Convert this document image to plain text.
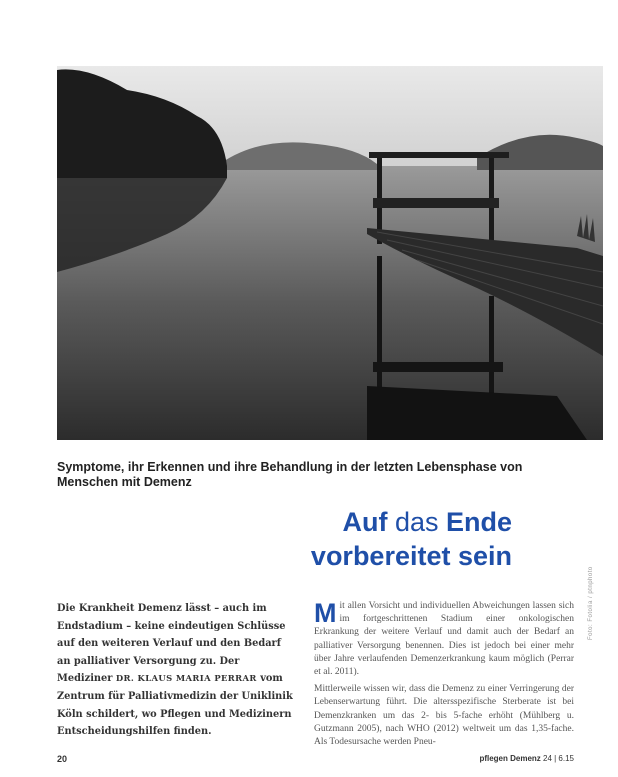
Symptome, ihr Erkennen und ihre Behandlung in der letzten Lebensphase von Menschen mit Demenz
Auf das Ende
vorbereitet sein
Die Krankheit Demenz lässt – auch im Endstadium – keine eindeutigen Schlüsse auf den weiteren Verlauf und den Bedarf an palliativer Versorgung zu. Der Mediziner DR. KLAUS MARIA PERRAR vom Zentrum für Palliativmedizin der Uniklinik Köln schildert, wo Pflegen und Medizinern Entscheidungshilfen finden.

Mit allen Vorsicht und individuellen Abweichungen lassen sich im fortgeschrittenen Stadium einer onkologischen Erkrankung der weitere Verlauf und damit auch der Bedarf an palliativer Versorgung benennen. Dies ist jedoch bei einer mehr über Jahre verlaufenden Demenzerkrankung kaum möglich (Perrar et al. 2011).

Mittlerweile wissen wir, dass die Demenz zu einer Verringerung der Lebenserwartung führt. Die altersspezifische Sterberate ist bei Demenzkranken um das 2- bis 5-fache erhöht (Mühlberg u. Gutzmann 2005), nach WHO (2012) weltweit um das 1,35-fache. Als Todesursache werden Pneu-

20	pflegen Demenz 24 | 6.15
Foto: Fotolia / ptnphoto
